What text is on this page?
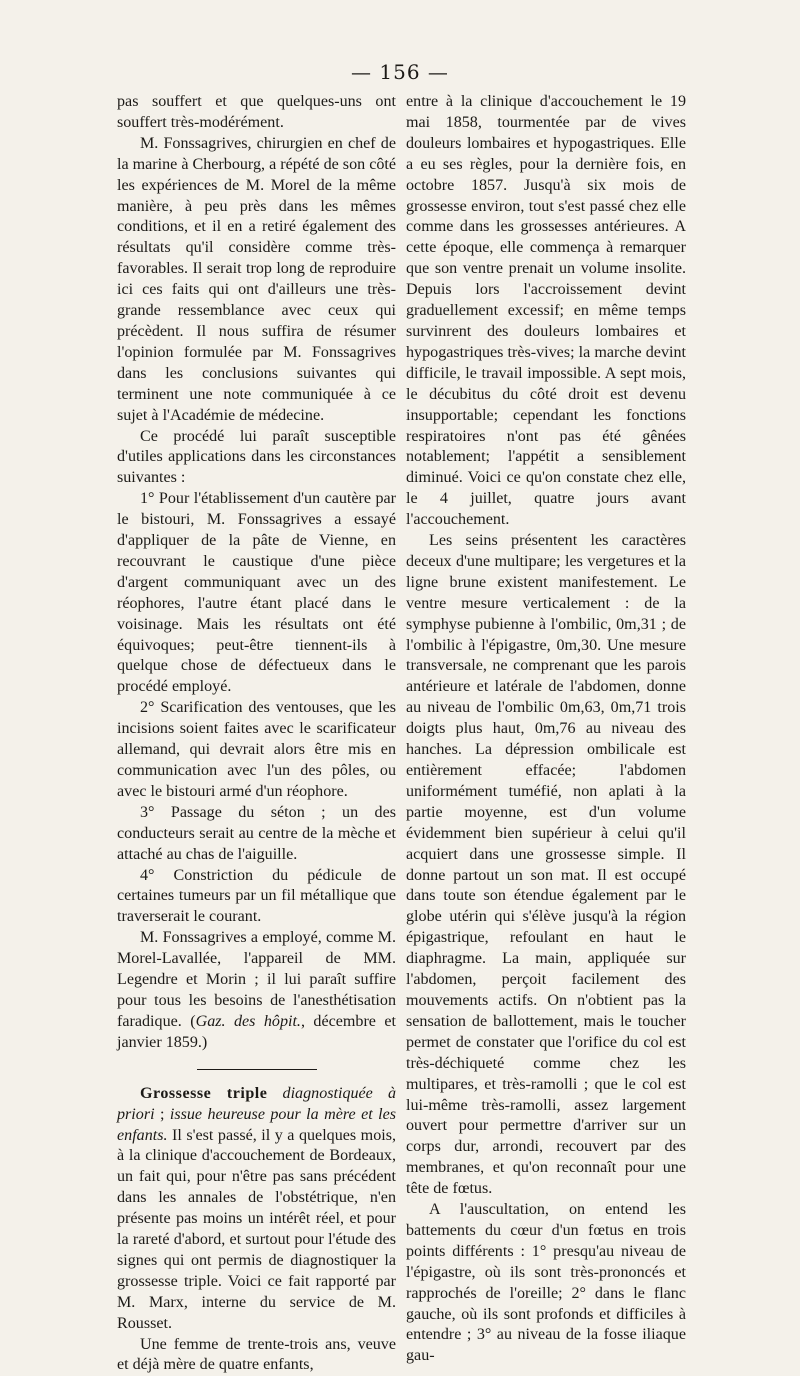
— 156 —

pas souffert et que quelques-uns ont souffert très-modérément.

M. Fonssagrives, chirurgien en chef de la marine à Cherbourg, a répété de son côté les expériences de M. Morel de la même manière, à peu près dans les mêmes conditions, et il en a retiré également des résultats qu'il considère comme très-favorables. Il serait trop long de reproduire ici ces faits qui ont d'ailleurs une très-grande ressemblance avec ceux qui précèdent. Il nous suffira de résumer l'opinion formulée par M. Fonssagrives dans les conclusions suivantes qui terminent une note communiquée à ce sujet à l'Académie de médecine.

Ce procédé lui paraît susceptible d'utiles applications dans les circonstances suivantes :

1° Pour l'établissement d'un cautère par le bistouri, M. Fonssagrives a essayé d'appliquer de la pâte de Vienne, en recouvrant le caustique d'une pièce d'argent communiquant avec un des réophores, l'autre étant placé dans le voisinage. Mais les résultats ont été équivoques; peut-être tiennent-ils à quelque chose de défectueux dans le procédé employé.

2° Scarification des ventouses, que les incisions soient faites avec le scarificateur allemand, qui devrait alors être mis en communication avec l'un des pôles, ou avec le bistouri armé d'un réophore.

3° Passage du séton ; un des conducteurs serait au centre de la mèche et attaché au chas de l'aiguille.

4° Constriction du pédicule de certaines tumeurs par un fil métallique que traverserait le courant.

M. Fonssagrives a employé, comme M. Morel-Lavallée, l'appareil de MM. Legendre et Morin ; il lui paraît suffire pour tous les besoins de l'anesthétisation faradique. (Gaz. des hôpit., décembre et janvier 1859.)

Grossesse triple diagnostiquée à priori ; issue heureuse pour la mère et les enfants. Il s'est passé, il y a quelques mois, à la clinique d'accouchement de Bordeaux, un fait qui, pour n'être pas sans précédent dans les annales de l'obstétrique, n'en présente pas moins un intérêt réel, et pour la rareté d'abord, et surtout pour l'étude des signes qui ont permis de diagnostiquer la grossesse triple. Voici ce fait rapporté par M. Marx, interne du service de M. Rousset.

Une femme de trente-trois ans, veuve et déjà mère de quatre enfants,

entre à la clinique d'accouchement le 19 mai 1858, tourmentée par de vives douleurs lombaires et hypogastriques. Elle a eu ses règles, pour la dernière fois, en octobre 1857. Jusqu'à six mois de grossesse environ, tout s'est passé chez elle comme dans les grossesses antérieures. A cette époque, elle commença à remarquer que son ventre prenait un volume insolite. Depuis lors l'accroissement devint graduellement excessif; en même temps survinrent des douleurs lombaires et hypogastriques très-vives; la marche devint difficile, le travail impossible. A sept mois, le décubitus du côté droit est devenu insupportable; cependant les fonctions respiratoires n'ont pas été gênées notablement; l'appétit a sensiblement diminué. Voici ce qu'on constate chez elle, le 4 juillet, quatre jours avant l'accouchement.

Les seins présentent les caractères deceux d'une multipare; les vergetures et la ligne brune existent manifestement. Le ventre mesure verticalement : de la symphyse pubienne à l'ombilic, 0m,31 ; de l'ombilic à l'épigastre, 0m,30. Une mesure transversale, ne comprenant que les parois antérieure et latérale de l'abdomen, donne au niveau de l'ombilic 0m,63, 0m,71 trois doigts plus haut, 0m,76 au niveau des hanches. La dépression ombilicale est entièrement effacée; l'abdomen uniformément tuméfié, non aplati à la partie moyenne, est d'un volume évidemment bien supérieur à celui qu'il acquiert dans une grossesse simple. Il donne partout un son mat. Il est occupé dans toute son étendue également par le globe utérin qui s'élève jusqu'à la région épigastrique, refoulant en haut le diaphragme. La main, appliquée sur l'abdomen, perçoit facilement des mouvements actifs. On n'obtient pas la sensation de ballottement, mais le toucher permet de constater que l'orifice du col est très-déchiqueté comme chez les multipares, et très-ramolli ; que le col est lui-même très-ramolli, assez largement ouvert pour permettre d'arriver sur un corps dur, arrondi, recouvert par des membranes, et qu'on reconnaît pour une tête de fœtus.

A l'auscultation, on entend les battements du cœur d'un fœtus en trois points différents : 1° presqu'au niveau de l'épigastre, où ils sont très-prononcés et rapprochés de l'oreille; 2° dans le flanc gauche, où ils sont profonds et difficiles à entendre ; 3° au niveau de la fosse iliaque gau-
